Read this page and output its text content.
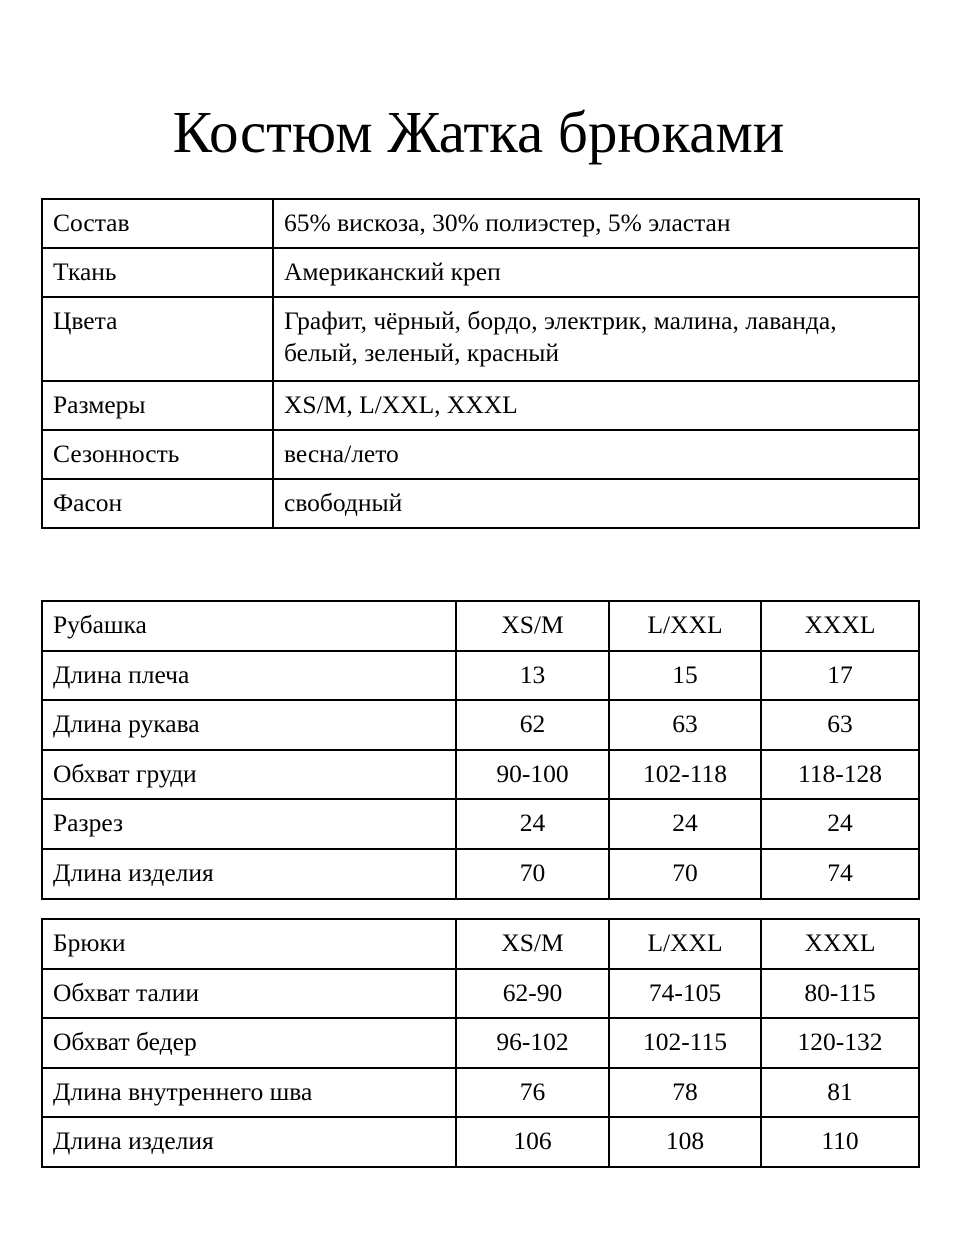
Костюм Жатка брюками
Состав	65% вискоза, 30% полиэстер, 5% эластан
Ткань	Американский креп
Цвета	Графит, чёрный, бордо, электрик, малина, лаванда, белый, зеленый, красный
Размеры	XS/M, L/XXL, XXXL
Сезонность	весна/лето
Фасон	свободный
Рубашка	XS/M	L/XXL	XXXL
Длина плеча	13	15	17
Длина рукава	62	63	63
Обхват груди	90-100	102-118	118-128
Разрез	24	24	24
Длина изделия	70	70	74
Брюки	XS/M	L/XXL	XXXL
Обхват талии	62-90	74-105	80-115
Обхват бедер	96-102	102-115	120-132
Длина внутреннего шва	76	78	81
Длина изделия	106	108	110
